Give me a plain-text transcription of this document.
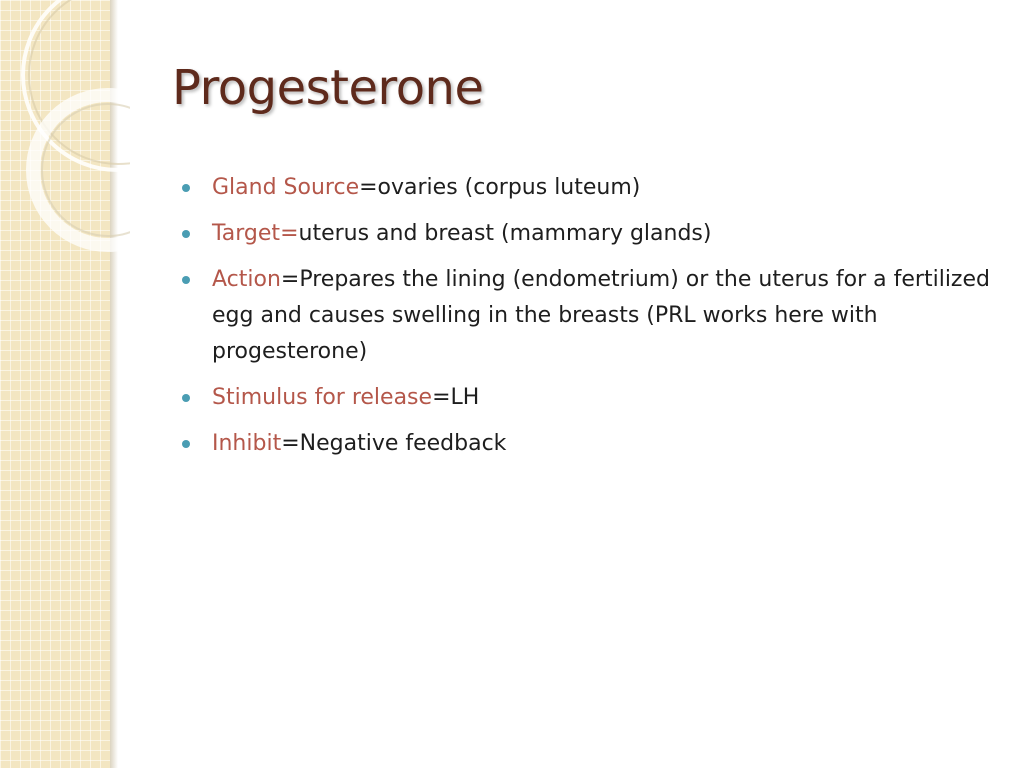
Progesterone
Gland Source=ovaries (corpus luteum)
Target=uterus and breast (mammary glands)
Action=Prepares the lining (endometrium) or the uterus for a fertilized egg and causes swelling in the breasts (PRL works here with progesterone)
Stimulus for release=LH
Inhibit=Negative feedback
